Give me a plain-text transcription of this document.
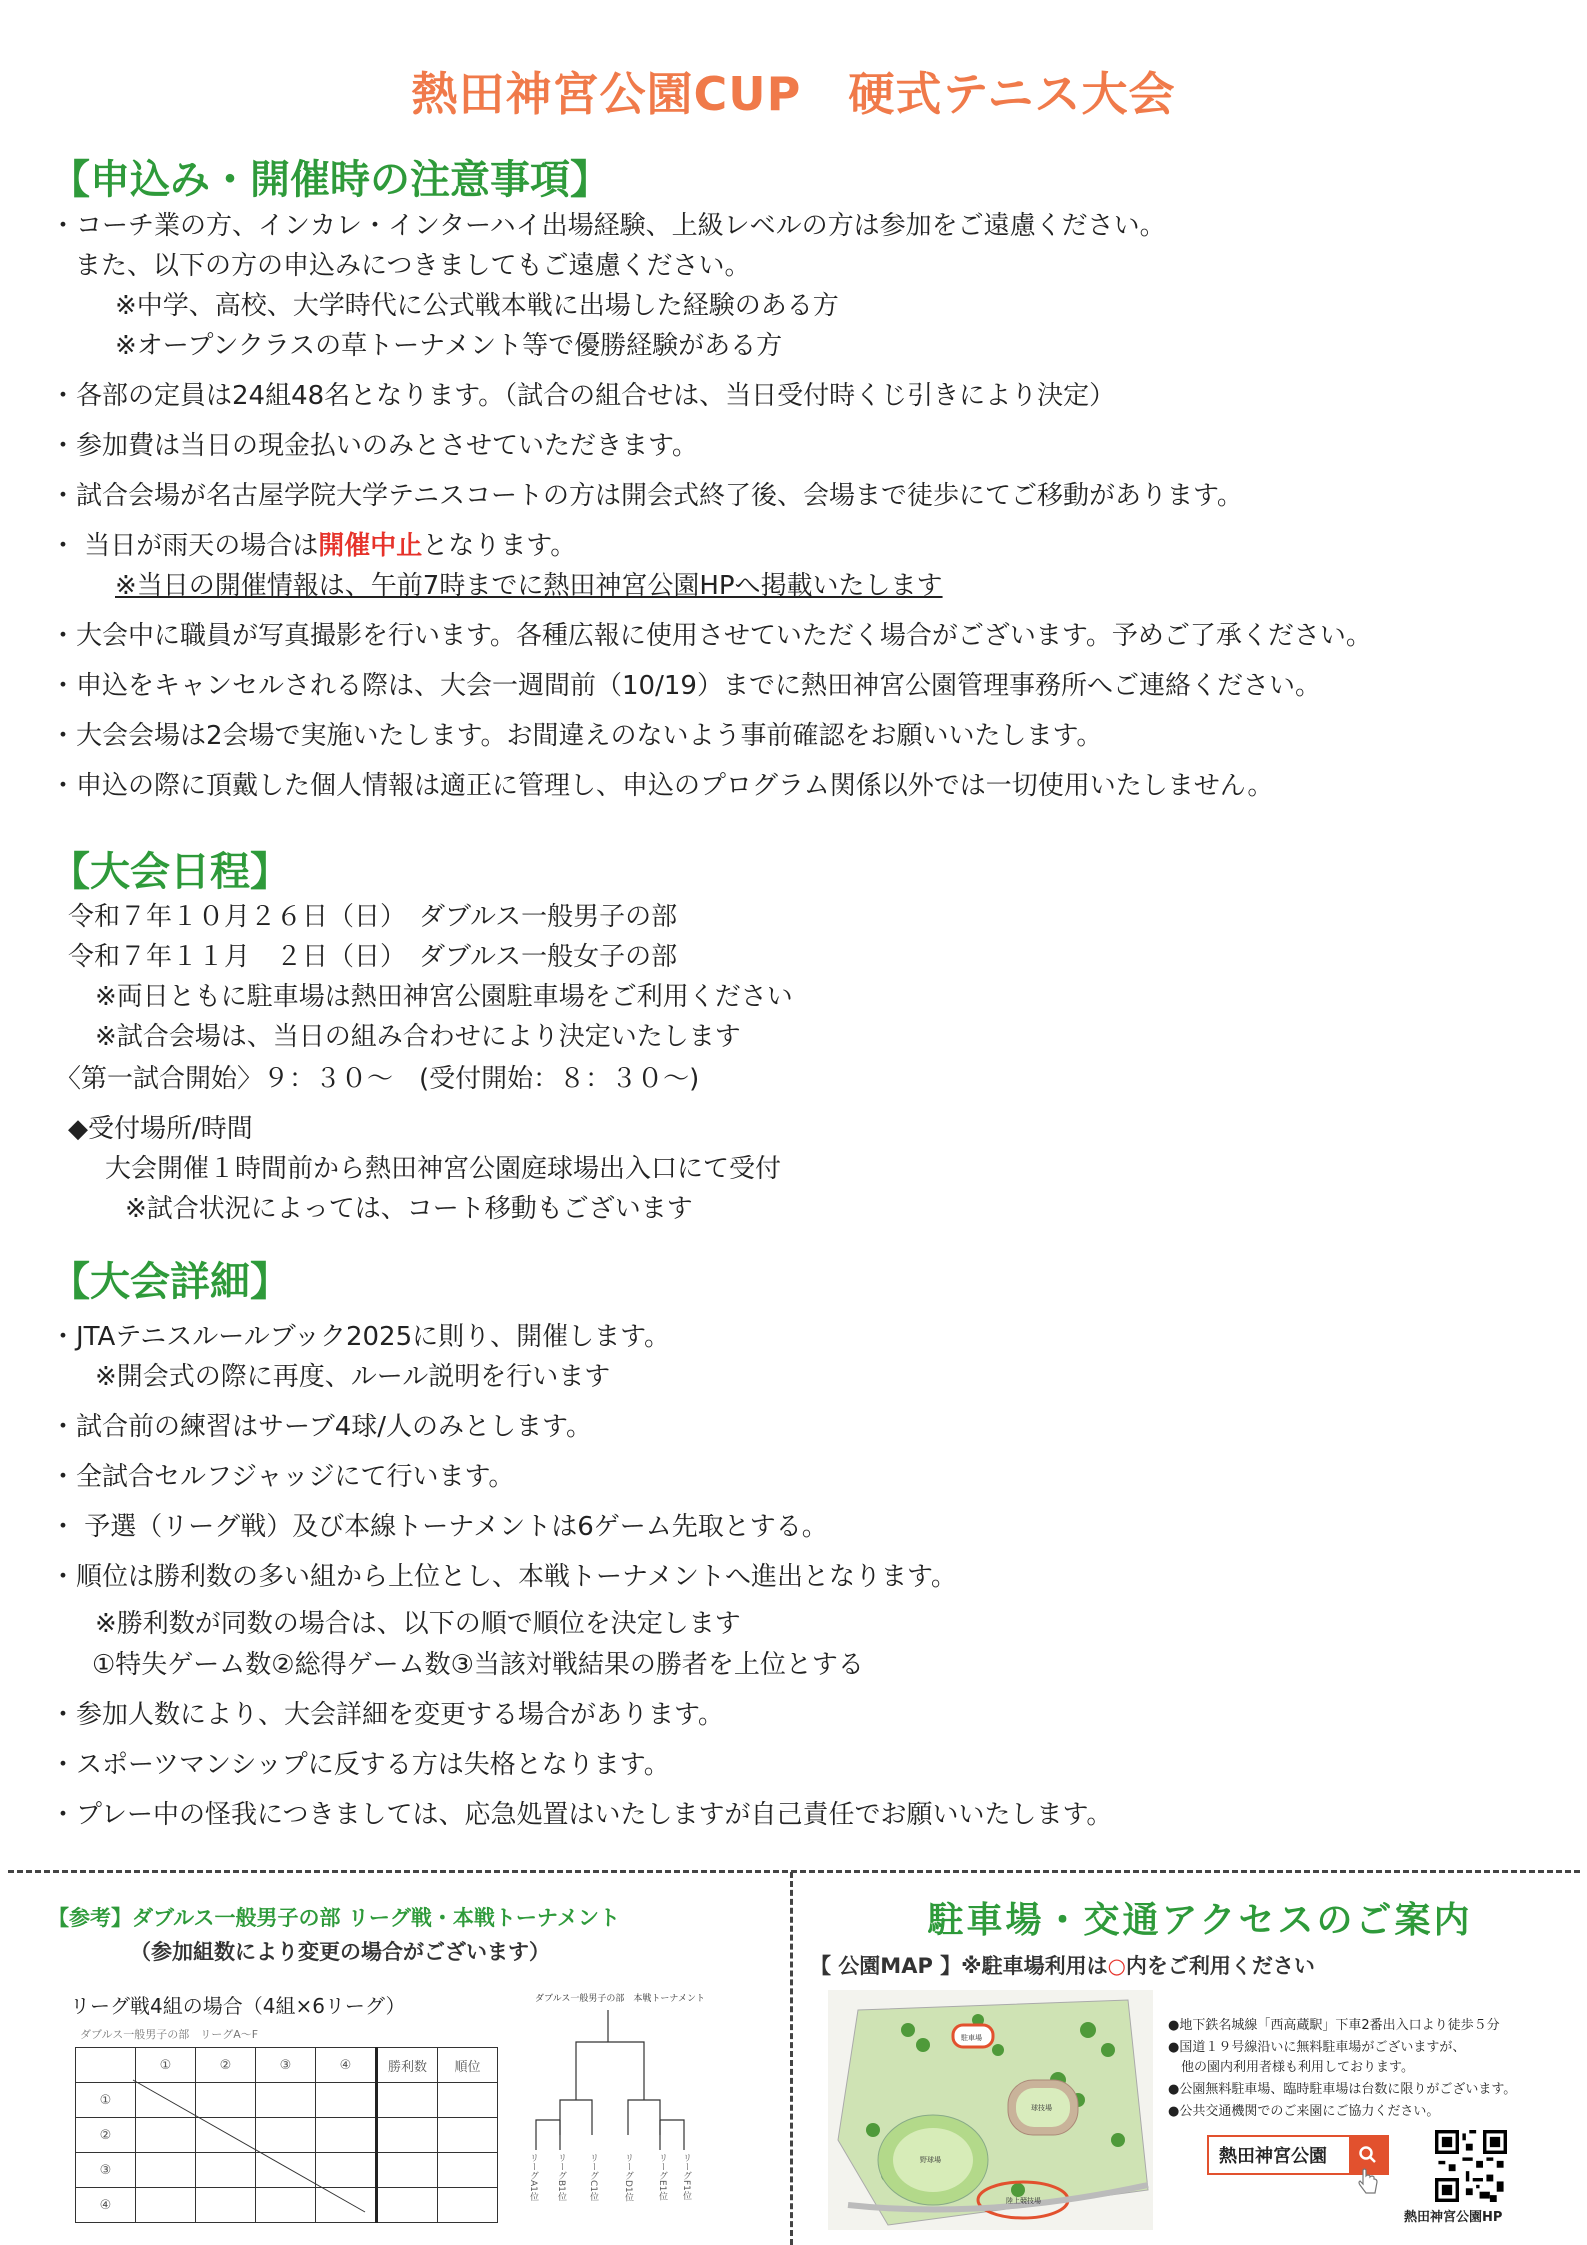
熱田神宮公園CUP　硬式テニス大会
【申込み・開催時の注意事項】
・ コーチ業の方、インカレ・インターハイ出場経験、上級レベルの方は参加をご遠慮ください。
また、以下の方の申込みにつきましてもご遠慮ください。
※中学、高校、大学時代に公式戦本戦に出場した経験のある方
※オープンクラスの草トーナメント等で優勝経験がある方
・ 各部の定員は24組48名となります。（試合の組合せは、当日受付時くじ引きにより決定）
・ 参加費は当日の現金払いのみとさせていただきます。
・ 試合会場が名古屋学院大学テニスコートの方は開会式終了後、会場まで徒歩にてご移動があります。
・ 当日が雨天の場合は開催中止となります。
※当日の開催情報は、午前7時までに熱田神宮公園HPへ掲載いたします
・ 大会中に職員が写真撮影を行います。各種広報に使用させていただく場合がございます。予めご了承ください。
・ 申込をキャンセルされる際は、大会一週間前（10/19）までに熱田神宮公園管理事務所へご連絡ください。
・ 大会会場は2会場で実施いたします。お間違えのないよう事前確認をお願いいたします。
・ 申込の際に頂戴した個人情報は適正に管理し、申込のプログラム関係以外では一切使用いたしません。
【大会日程】
令和７年１０月２６日（日）　ダブルス一般男子の部
令和７年１１月　２日（日）　ダブルス一般女子の部
※両日ともに駐車場は熱田神宮公園駐車場をご利用ください
※試合会場は、当日の組み合わせにより決定いたします
〈第一試合開始〉９：３０～　(受付開始：８：３０～)
◆受付場所/時間
大会開催１時間前から熱田神宮公園庭球場出入口にて受付
※試合状況によっては、コート移動もございます
【大会詳細】
・ JTAテニスルールブック2025に則り、開催します。
※開会式の際に再度、ルール説明を行います
・ 試合前の練習はサーブ4球/人のみとします。
・ 全試合セルフジャッジにて行います。
・ 予選（リーグ戦）及び本線トーナメントは6ゲーム先取とする。
・ 順位は勝利数の多い組から上位とし、本戦トーナメントへ進出となります。
※勝利数が同数の場合は、以下の順で順位を決定します
①特失ゲーム数②総得ゲーム数③当該対戦結果の勝者を上位とする
・ 参加人数により、大会詳細を変更する場合があります。
・ スポーツマンシップに反する方は失格となります。
・ プレー中の怪我につきましては、応急処置はいたしますが自己責任でお願いいたします。
【参考】ダブルス一般男子の部 リーグ戦・本戦トーナメント
（参加組数により変更の場合がございます）
リーグ戦4組の場合（4組×6リーグ）
ダブルス一般男子の部　リーグA～F
	①	②	③	④	勝利数	順位
①						
②						
③						
④						
ダブルス一般男子の部　本戦トーナメント
リーグA1位 リーグB1位 リーグC1位	リーグD1位	リーグE1位 リーグF1位
駐車場・交通アクセスのご案内
【 公園MAP 】※駐車場利用は○内をご利用ください
駐車場
野球場
球技場
陸上競技場
●地下鉄名城線「西高蔵駅」下車2番出入口より徒歩５分
●国道１９号線沿いに無料駐車場がございますが、
　他の園内利用者様も利用しております。
●公園無料駐車場、臨時駐車場は台数に限りがございます。
●公共交通機関でのご来園にご協力ください。
熱田神宮公園
熱田神宮公園HP
